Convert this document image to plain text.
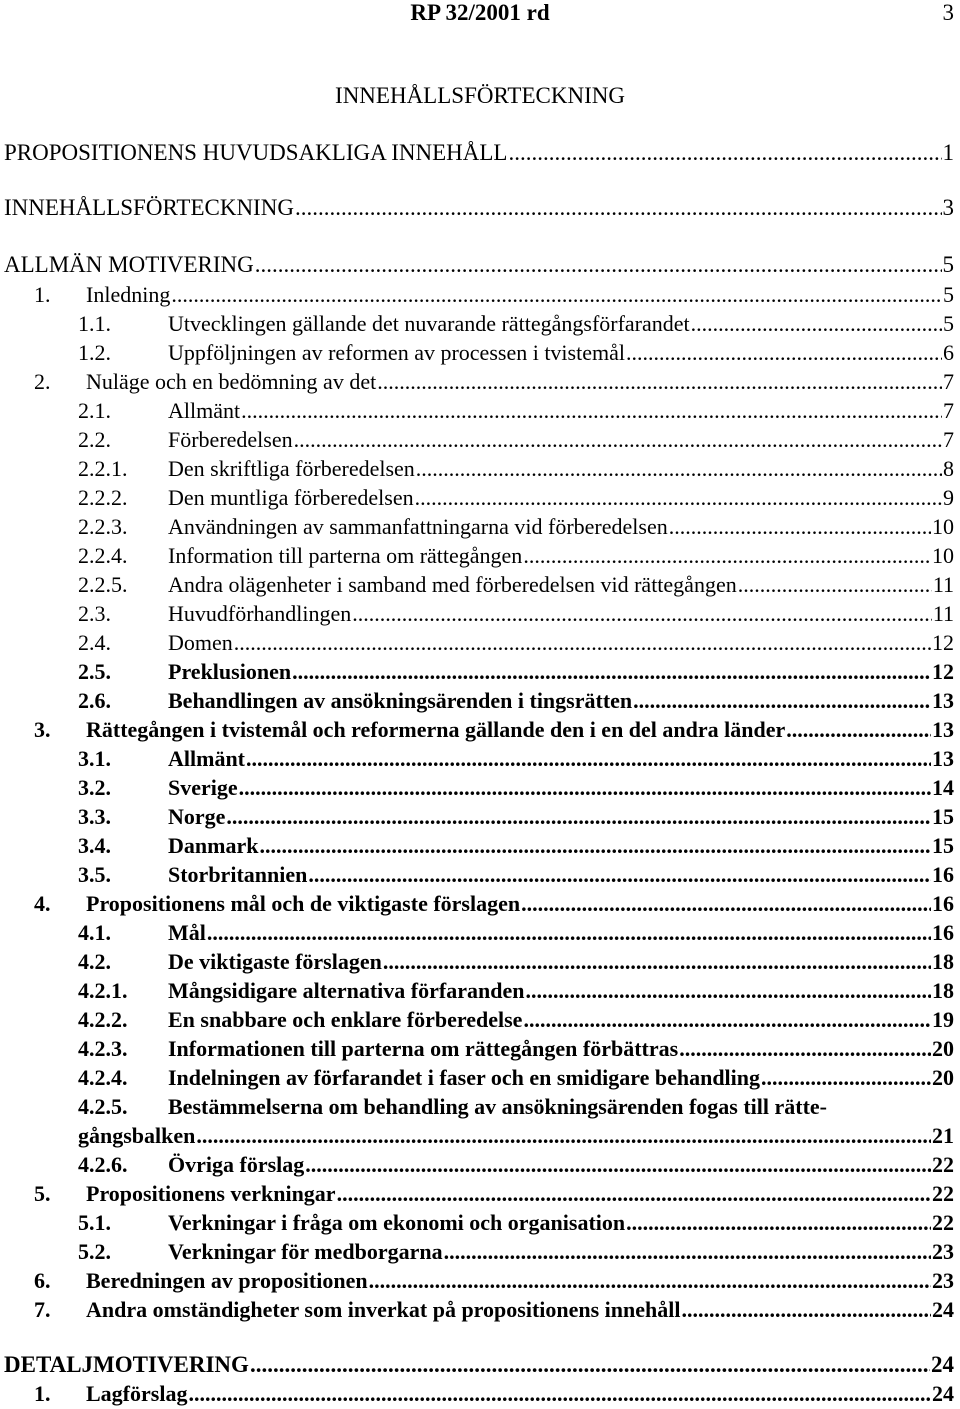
RP 32/2001 rd	3
INNEHÅLLSFÖRTECKNING
PROPOSITIONENS HUVUDSAKLIGA INNEHÅLL .....	1
INNEHÅLLSFÖRTECKNING .....	3
ALLMÄN MOTIVERING .....	5
1. Inledning .....	5
1.1.	Utvecklingen gällande det nuvarande rättegångsförfarandet .....	5
1.2.	Uppföljningen av reformen av processen i tvistemål .....	6
2. Nuläge och en bedömning av det .....	7
2.1.	Allmänt .....	7
2.2.	Förberedelsen .....	7
2.2.1. Den skriftliga förberedelsen .....	8
2.2.2. Den muntliga förberedelsen .....	9
2.2.3. Användningen av sammanfattningarna vid förberedelsen .....	10
2.2.4. Information till parterna om rättegången .....	10
2.2.5. Andra olägenheter i samband med förberedelsen vid rättegången .....	11
2.3.	Huvudförhandlingen .....	11
2.4.	Domen .....	12
2.5.	Preklusionen .....	12
2.6.	Behandlingen av ansökningsärenden i tingsrätten .....	13
3. Rättegången i tvistemål och reformerna gällande den i en del andra länder .....	13
3.1.	Allmänt .....	13
3.2.	Sverige .....	14
3.3.	Norge .....	15
3.4.	Danmark .....	15
3.5.	Storbritannien .....	16
4. Propositionens mål och de viktigaste förslagen .....	16
4.1.	Mål .....	16
4.2.	De viktigaste förslagen .....	18
4.2.1. Mångsidigare alternativa förfaranden .....	18
4.2.2. En snabbare och enklare förberedelse .....	19
4.2.3. Informationen till parterna om rättegången förbättras .....	20
4.2.4. Indelningen av förfarandet i faser och en smidigare behandling .....	20
4.2.5. Bestämmelserna om behandling av ansökningsärenden fogas till rätte-
gångsbalken .....	21
4.2.6. Övriga förslag .....	22
5. Propositionens verkningar .....	22
5.1.	Verkningar i fråga om ekonomi och organisation .....	22
5.2.	Verkningar för medborgarna .....	23
6. Beredningen av propositionen .....	23
7. Andra omständigheter som inverkat på propositionens innehåll .....	24
DETALJMOTIVERING .....	24
1. Lagförslag .....	24
